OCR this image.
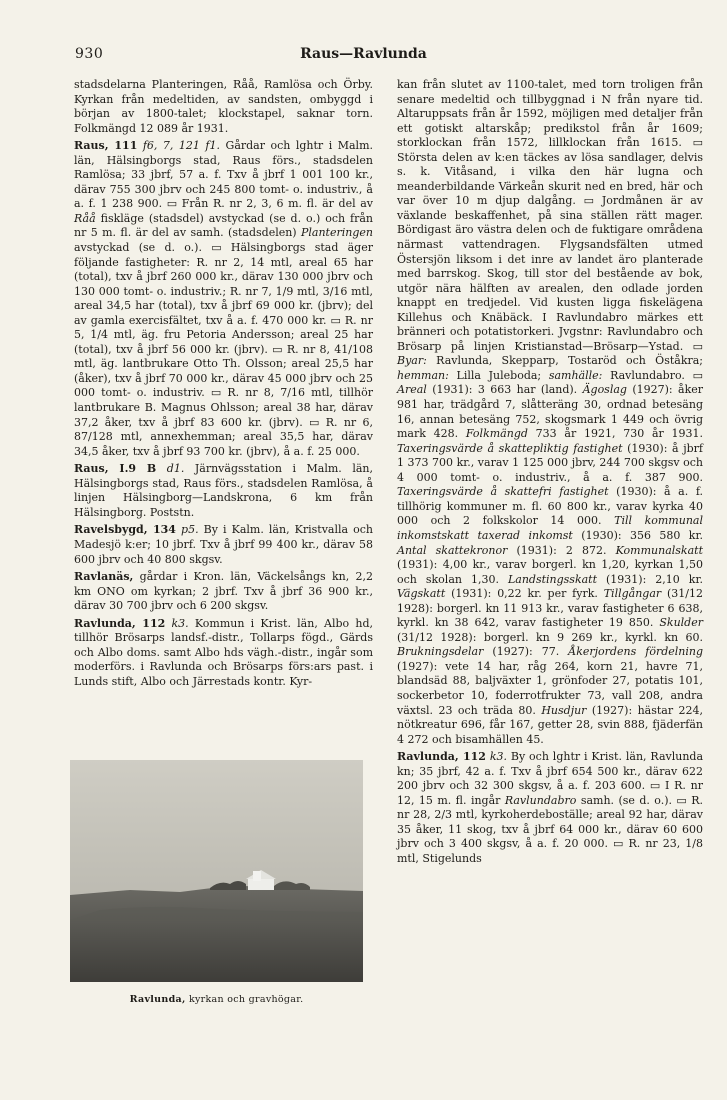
930	Raus—Ravlunda

stadsdelarna Planteringen, Råå, Ramlösa och Örby. Kyrkan från medeltiden, av sandsten, ombyggd i början av 1800-talet; klockstapel, saknar torn. Folkmängd 12 089 år 1931.

Raus, 111 f6, 7, 121 f1. Gårdar och lghtr i Malm. län, Hälsingborgs stad, Raus förs., stadsdelen Ramlösa; 33 jbrf, 57 a. f. Txv å jbrf 1 001 100 kr., därav 755 300 jbrv och 245 800 tomt- o. industriv., å a. f. 1 238 900. ▭ Från R. nr 2, 3, 6 m. fl. är del av Råå fiskläge (stadsdel) avstyckad (se d. o.) och från nr 5 m. fl. är del av samh. (stadsdelen) Planteringen avstyckad (se d. o.). ▭ Hälsingborgs stad äger följande fastigheter: R. nr 2, 14 mtl, areal 65 har (total), txv å jbrf 260 000 kr., därav 130 000 jbrv och 130 000 tomt- o. industriv.; R. nr 7, 1/9 mtl, 3/16 mtl, areal 34,5 har (total), txv å jbrf 69 000 kr. (jbrv); del av gamla exercisfältet, txv å a. f. 470 000 kr. ▭ R. nr 5, 1/4 mtl, äg. fru Petoria Andersson; areal 25 har (total), txv å jbrf 56 000 kr. (jbrv). ▭ R. nr 8, 41/108 mtl, äg. lantbrukare Otto Th. Olsson; areal 25,5 har (åker), txv å jbrf 70 000 kr., därav 45 000 jbrv och 25 000 tomt- o. industriv. ▭ R. nr 8, 7/16 mtl, tillhör lantbrukare B. Magnus Ohlsson; areal 38 har, därav 37,2 åker, txv å jbrf 83 600 kr. (jbrv). ▭ R. nr 6, 87/128 mtl, annexhemman; areal 35,5 har, därav 34,5 åker, txv å jbrf 93 700 kr. (jbrv), å a. f. 25 000.

Raus, I.9 B d1. Järnvägsstation i Malm. län, Hälsingborgs stad, Raus förs., stadsdelen Ramlösa, å linjen Hälsingborg—Landskrona, 6 km från Hälsingborg. Poststn.

Ravelsbygd, 134 p5. By i Kalm. län, Kristvalla och Madesjö k:er; 10 jbrf. Txv å jbrf 99 400 kr., därav 58 600 jbrv och 40 800 skgsv.

Ravlanäs, gårdar i Kron. län, Väckelsångs kn, 2,2 km ONO om kyrkan; 2 jbrf. Txv å jbrf 36 900 kr., därav 30 700 jbrv och 6 200 skgsv.

Ravlunda, 112 k3. Kommun i Krist. län, Albo hd, tillhör Brösarps landsf.-distr., Tollarps fögd., Gärds och Albo doms. samt Albo hds vägh.-distr., ingår som moderförs. i Ravlunda och Brösarps förs:ars past. i Lunds stift, Albo och Järrestads kontr. Kyr-

Ravlunda, kyrkan och gravhögar.

kan från slutet av 1100-talet, med torn troligen från senare medeltid och tillbyggnad i N från nyare tid. Altaruppsats från år 1592, möjligen med detaljer från ett gotiskt altarskåp; predikstol från år 1609; storklockan från 1572, lillklockan från 1615. ▭ Största delen av k:en täckes av lösa sandlager, delvis s. k. Vitåsand, i vilka den här lugna och meanderbildande Värkeån skurit ned en bred, här och var över 10 m djup dalgång. ▭ Jordmånen är av växlande beskaffenhet, på sina ställen rätt mager. Bördigast äro västra delen och de fuktigare områdena närmast vattendragen. Flygsandsfälten utmed Östersjön liksom i det inre av landet äro planterade med barrskog. Skog, till stor del bestående av bok, utgör nära hälften av arealen, den odlade jorden knappt en tredjedel. Vid kusten ligga fiskelägena Killehus och Knäbäck. I Ravlundabro märkes ett bränneri och potatistorkeri. Jvgstnr: Ravlundabro och Brösarp på linjen Kristianstad—Brösarp—Ystad. ▭ Byar: Ravlunda, Skepparp, Tostaröd och Öståkra; hemman: Lilla Juleboda; samhälle: Ravlundabro. ▭ Areal (1931): 3 663 har (land). Ägoslag (1927): åker 981 har, trädgård 7, slåtteräng 30, ordnad betesäng 16, annan betesäng 752, skogsmark 1 449 och övrig mark 428. Folkmängd 733 år 1921, 730 år 1931. Taxeringsvärde å skattepliktig fastighet (1930): å jbrf 1 373 700 kr., varav 1 125 000 jbrv, 244 700 skgsv och 4 000 tomt- o. industriv., å a. f. 387 900. Taxeringsvärde å skattefri fastighet (1930): å a. f. tillhörig kommuner m. fl. 60 800 kr., varav kyrka 40 000 och 2 folkskolor 14 000. Till kommunal inkomstskatt taxerad inkomst (1930): 356 580 kr. Antal skattekronor (1931): 2 872. Kommunalskatt (1931): 4,00 kr., varav borgerl. kn 1,20, kyrkan 1,50 och skolan 1,30. Landstingsskatt (1931): 2,10 kr. Vägskatt (1931): 0,22 kr. per fyrk. Tillgångar (31/12 1928): borgerl. kn 11 913 kr., varav fastigheter 6 638, kyrkl. kn 38 642, varav fastigheter 19 850. Skulder (31/12 1928): borgerl. kn 9 269 kr., kyrkl. kn 60. Brukningsdelar (1927): 77. Åkerjordens fördelning (1927): vete 14 har, råg 264, korn 21, havre 71, blandsäd 88, baljväxter 1, grönfoder 27, potatis 101, sockerbetor 10, foderrotfrukter 73, vall 208, andra växtsl. 23 och träda 80. Husdjur (1927): hästar 224, nötkreatur 696, får 167, getter 28, svin 888, fjäderfän 4 272 och bisamhällen 45.

Ravlunda, 112 k3. By och lghtr i Krist. län, Ravlunda kn; 35 jbrf, 42 a. f. Txv å jbrf 654 500 kr., därav 622 200 jbrv och 32 300 skgsv, å a. f. 203 600. ▭ I R. nr 12, 15 m. fl. ingår Ravlundabro samh. (se d. o.). ▭ R. nr 28, 2/3 mtl, kyrkoherdeboställe; areal 92 har, därav 35 åker, 11 skog, txv å jbrf 64 000 kr., därav 60 600 jbrv och 3 400 skgsv, å a. f. 20 000. ▭ R. nr 23, 1/8 mtl, Stigelunds
